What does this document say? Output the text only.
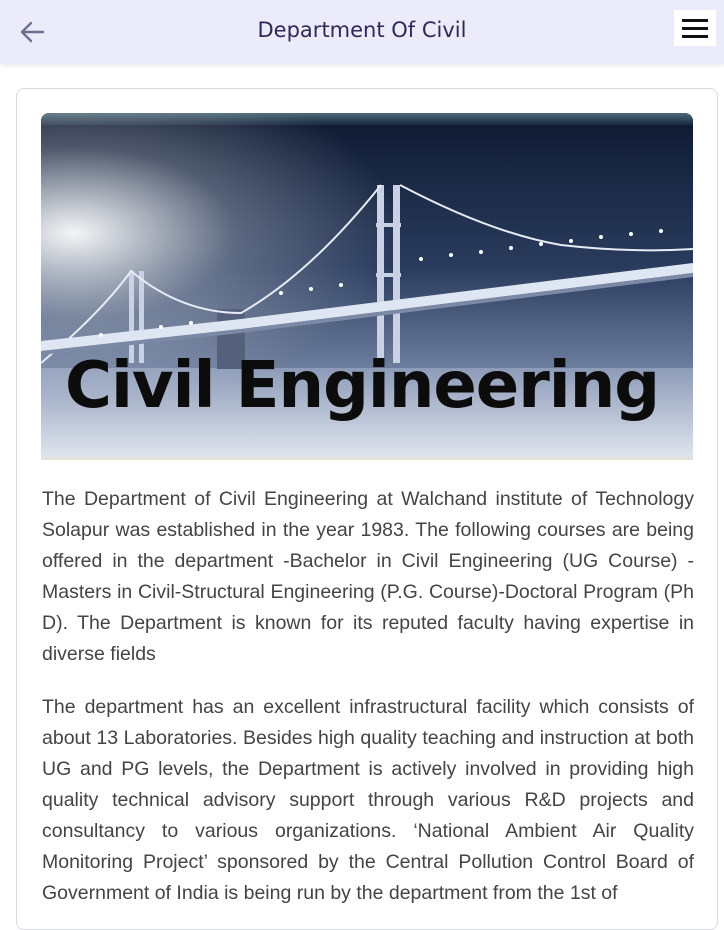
Department Of Civil
Civil Engineering

The Department of Civil Engineering at Walchand institute of Technology Solapur was established in the year 1983. The following courses are being offered in the department -Bachelor in Civil Engineering (UG Course) -Masters in Civil-Structural Engineering (P.G. Course)-Doctoral Program (Ph D). The Department is known for its reputed faculty having expertise in diverse fields

The department has an excellent infrastructural facility which consists of about 13 Laboratories. Besides high quality teaching and instruction at both UG and PG levels, the Department is actively involved in providing high quality technical advisory support through various R&D projects and consultancy to various organizations. ‘National Ambient Air Quality Monitoring Project’ sponsored by the Central Pollution Control Board of Government of India is being run by the department from the 1st of
